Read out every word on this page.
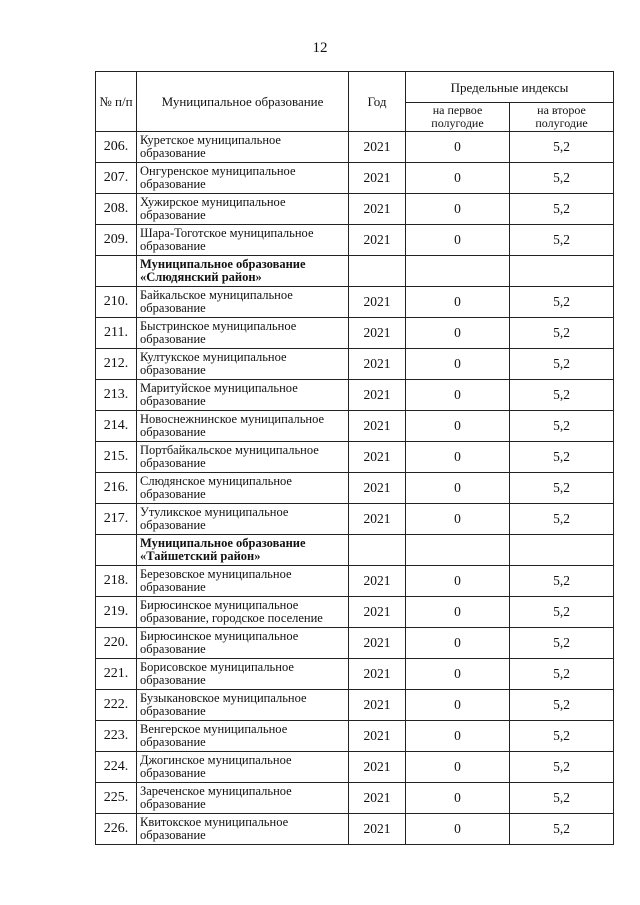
12
№ п/п	Муниципальное образование	Год	Предельные индексы	
			на первое полугодие	на второе полугодие
206.	Куретское муниципальное образование	2021	0	5,2
207.	Онгуренское муниципальное образование	2021	0	5,2
208.	Хужирское муниципальное образование	2021	0	5,2
209.	Шара-Тоготское муниципальное образование	2021	0	5,2
	Муниципальное образование «Слюдянский район»			
210.	Байкальское муниципальное образование	2021	0	5,2
211.	Быстринское муниципальное образование	2021	0	5,2
212.	Култукское муниципальное образование	2021	0	5,2
213.	Маритуйское муниципальное образование	2021	0	5,2
214.	Новоснежнинское муниципальное образование	2021	0	5,2
215.	Портбайкальское муниципальное образование	2021	0	5,2
216.	Слюдянское муниципальное образование	2021	0	5,2
217.	Утуликское муниципальное образование	2021	0	5,2
	Муниципальное образование «Тайшетский район»			
218.	Березовское муниципальное образование	2021	0	5,2
219.	Бирюсинское муниципальное образование, городское поселение	2021	0	5,2
220.	Бирюсинское муниципальное образование	2021	0	5,2
221.	Борисовское муниципальное образование	2021	0	5,2
222.	Бузыкановское муниципальное образование	2021	0	5,2
223.	Венгерское муниципальное образование	2021	0	5,2
224.	Джогинское муниципальное образование	2021	0	5,2
225.	Зареченское муниципальное образование	2021	0	5,2
226.	Квитокское муниципальное образование	2021	0	5,2
